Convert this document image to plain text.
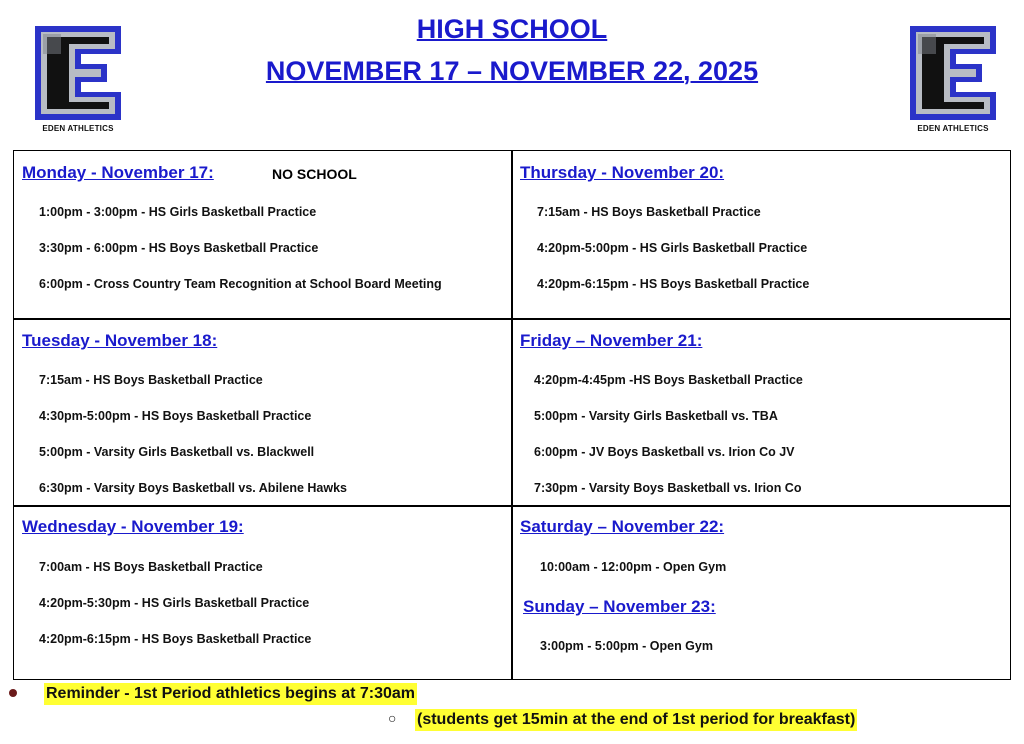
EDEN ATHLETICS	EDEN ATHLETICS
HIGH SCHOOL
NOVEMBER 17 – NOVEMBER 22, 2025
Monday - November 17:	NO SCHOOL
1:00pm - 3:00pm - HS Girls Basketball Practice
3:30pm - 6:00pm - HS Boys Basketball Practice
6:00pm - Cross Country Team Recognition at School Board Meeting
Thursday - November 20:
7:15am - HS Boys Basketball Practice
4:20pm-5:00pm - HS Girls Basketball Practice
4:20pm-6:15pm - HS Boys Basketball Practice
Tuesday - November 18:
7:15am - HS Boys Basketball Practice
4:30pm-5:00pm - HS Boys Basketball Practice
5:00pm - Varsity Girls Basketball vs. Blackwell
6:30pm - Varsity Boys Basketball vs. Abilene Hawks
Friday – November 21:
4:20pm-4:45pm -HS Boys Basketball Practice
5:00pm - Varsity Girls Basketball vs. TBA
6:00pm - JV Boys Basketball vs. Irion Co JV
7:30pm - Varsity Boys Basketball vs. Irion Co
Wednesday - November 19:
7:00am - HS Boys Basketball Practice
4:20pm-5:30pm - HS Girls Basketball Practice
4:20pm-6:15pm - HS Boys Basketball Practice
Saturday – November 22:
10:00am - 12:00pm - Open Gym
Sunday – November 23:
3:00pm - 5:00pm - Open Gym
Reminder - 1st Period athletics begins at 7:30am
○ (students get 15min at the end of 1st period for breakfast)
